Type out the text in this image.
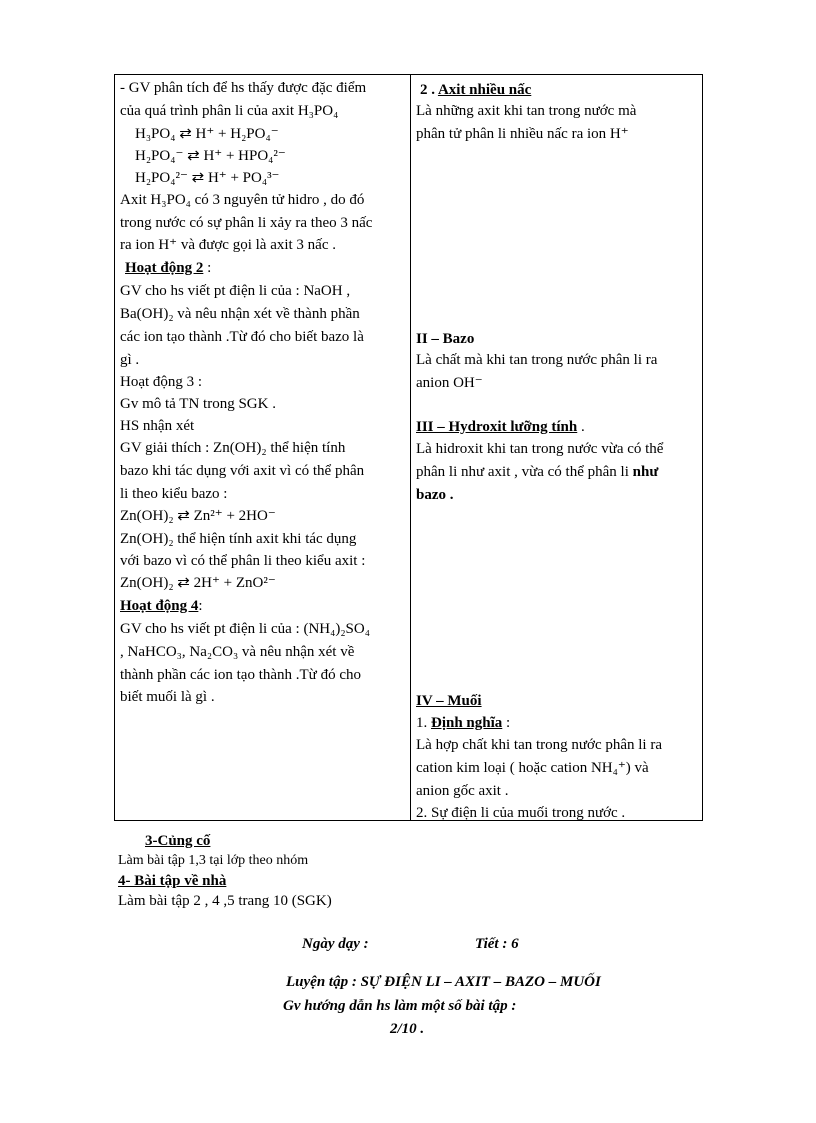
- GV phân tích để hs thấy được đặc điểm
của quá trình phân li của axit H₃PO₄
H₃PO₄ ⇄ H⁺ + H₂PO₄⁻
H₂PO₄⁻ ⇄ H⁺ + HPO₄²⁻
H₂PO₄²⁻ ⇄ H⁺ + PO₄³⁻
Axit H₃PO₄ có 3 nguyên tử hidro , do đó
trong nước có sự phân li xảy ra theo 3 nấc
ra ion H⁺ và được gọi là axit 3 nấc .
Hoạt động 2 :
GV cho hs viết pt điện li của : NaOH ,
Ba(OH)₂ và nêu nhận xét về thành phần
các ion tạo thành .Từ đó cho biết bazo là
gì .
Hoạt động 3 :
Gv mô tả TN trong SGK .
HS nhận xét
GV giải thích : Zn(OH)₂ thể hiện tính
bazo khi tác dụng với axit vì có thể phân
li theo kiểu bazo :
Zn(OH)₂ ⇄ Zn²⁺ + 2HO⁻
Zn(OH)₂ thể hiện tính axit khi tác dụng
với bazo vì có thể phân li theo kiểu axit :
Zn(OH)₂ ⇄ 2H⁺ + ZnO²⁻
Hoạt động 4:
GV cho hs viết pt điện li của : (NH₄)₂SO₄
, NaHCO₃, Na₂CO₃ và nêu nhận xét về
thành phần các ion tạo thành .Từ đó cho
biết muối là gì .
2 . Axit nhiều nấc
Là những axit khi tan trong nước mà
phân tử phân li nhiều nấc ra ion H⁺
II – Bazo
Là chất mà khi tan trong nước phân li ra
anion OH⁻
III – Hydroxit lưỡng tính .
Là hidroxit khi tan trong nước vừa có thể
phân li như axit , vừa có thể phân li như
bazo .
IV – Muối
1. Định nghĩa :
Là hợp chất khi tan trong nước phân li ra
cation kim loại ( hoặc cation NH₄⁺) và
anion gốc axit .
2. Sự điện li của muối trong nước .
3-Củng cố
Làm bài tập 1,3 tại lớp theo nhóm
4- Bài tập về nhà
Làm bài tập 2 , 4 ,5 trang 10 (SGK)
Ngày dạy :	Tiết : 6
Luyện tập : SỰ ĐIỆN LI – AXIT – BAZO – MUỐI
Gv hướng dẫn hs làm một số bài tập :
2/10 .
